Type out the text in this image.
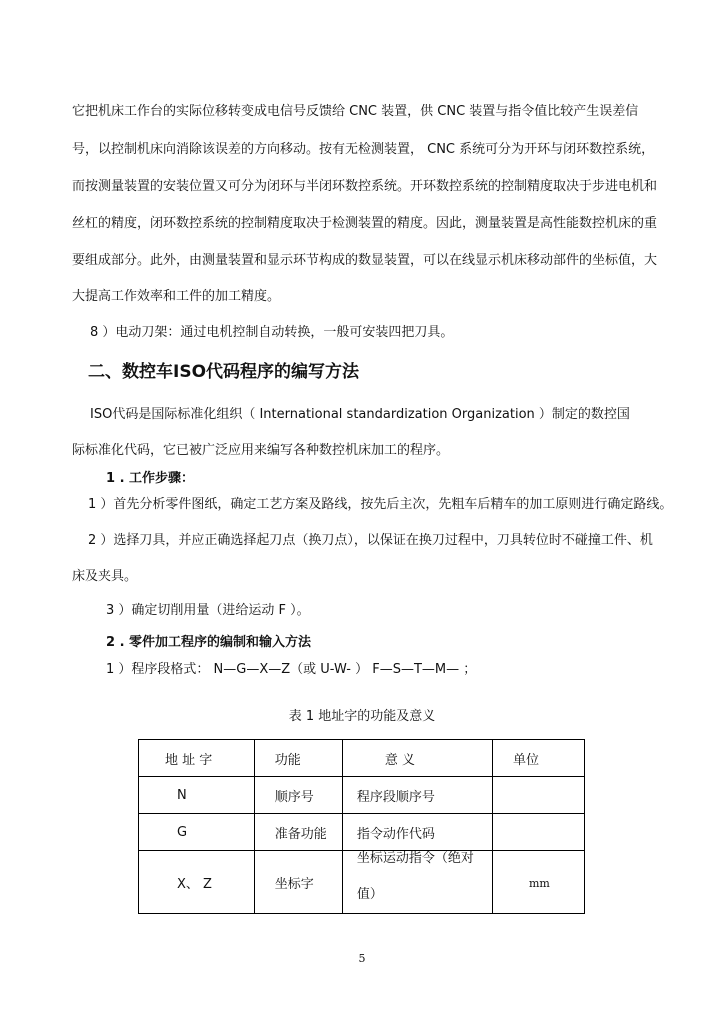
它把机床工作台的实际位移转变成电信号反馈给 CNC 装置，供 CNC 装置与指令值比较产生误差信
号，以控制机床向消除该误差的方向移动。按有无检测装置， CNC 系统可分为开环与闭环数控系统，
而按测量装置的安装位置又可分为闭环与半闭环数控系统。开环数控系统的控制精度取决于步进电机和
丝杠的精度，闭环数控系统的控制精度取决于检测装置的精度。因此，测量装置是高性能数控机床的重
要组成部分。此外，由测量装置和显示环节构成的数显装置，可以在线显示机床移动部件的坐标值，大
大提高工作效率和工件的加工精度。
8 ）电动刀架：通过电机控制自动转换，一般可安装四把刀具。
二、数控车ISO代码程序的编写方法
ISO代码是国际标准化组织（ International standardization Organization ）制定的数控国
际标准化代码，它已被广泛应用来编写各种数控机床加工的程序。
1 . 工作步骤：
1 ）首先分析零件图纸，确定工艺方案及路线，按先后主次，先粗车后精车的加工原则进行确定路线。
2 ）选择刀具，并应正确选择起刀点（换刀点），以保证在换刀过程中，刀具转位时不碰撞工件、机
床及夹具。
3 ）确定切削用量（进给运动 F ）。
2 . 零件加工程序的编制和输入方法
1 ）程序段格式： N—G—X—Z（或 U-W- ） F—S—T—M— ；
表 1 地址字的功能及意义
地 址 字	功能	意 义	单位
N	顺序号	程序段顺序号	
G	准备功能	指令动作代码	
X、 Z	坐标字	坐标运动指令（绝对值）	mm
5
